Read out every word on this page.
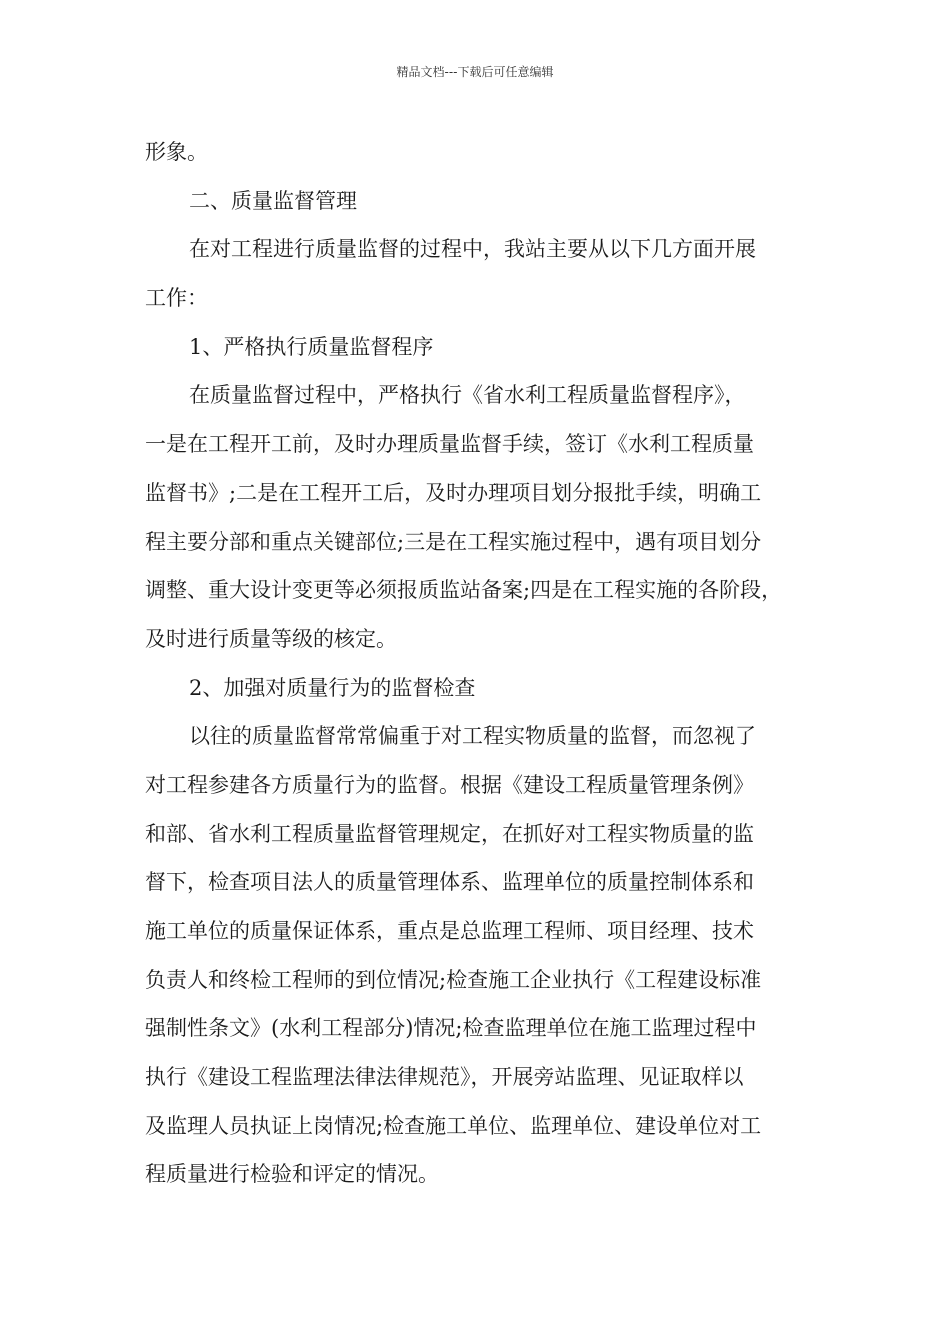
精品文档---下载后可任意编辑
形象。
二、质量监督管理
在对工程进行质量监督的过程中，我站主要从以下几方面开展
工作：
1、严格执行质量监督程序
在质量监督过程中，严格执行《省水利工程质量监督程序》，
一是在工程开工前，及时办理质量监督手续，签订《水利工程质量
监督书》;二是在工程开工后，及时办理项目划分报批手续，明确工
程主要分部和重点关键部位;三是在工程实施过程中，遇有项目划分
调整、重大设计变更等必须报质监站备案;四是在工程实施的各阶段，
及时进行质量等级的核定。
2、加强对质量行为的监督检查
以往的质量监督常常偏重于对工程实物质量的监督，而忽视了
对工程参建各方质量行为的监督。根据《建设工程质量管理条例》
和部、省水利工程质量监督管理规定，在抓好对工程实物质量的监
督下，检查项目法人的质量管理体系、监理单位的质量控制体系和
施工单位的质量保证体系，重点是总监理工程师、项目经理、技术
负责人和终检工程师的到位情况;检查施工企业执行《工程建设标准
强制性条文》(水利工程部分)情况;检查监理单位在施工监理过程中
执行《建设工程监理法律法律规范》，开展旁站监理、见证取样以
及监理人员执证上岗情况;检查施工单位、监理单位、建设单位对工
程质量进行检验和评定的情况。
